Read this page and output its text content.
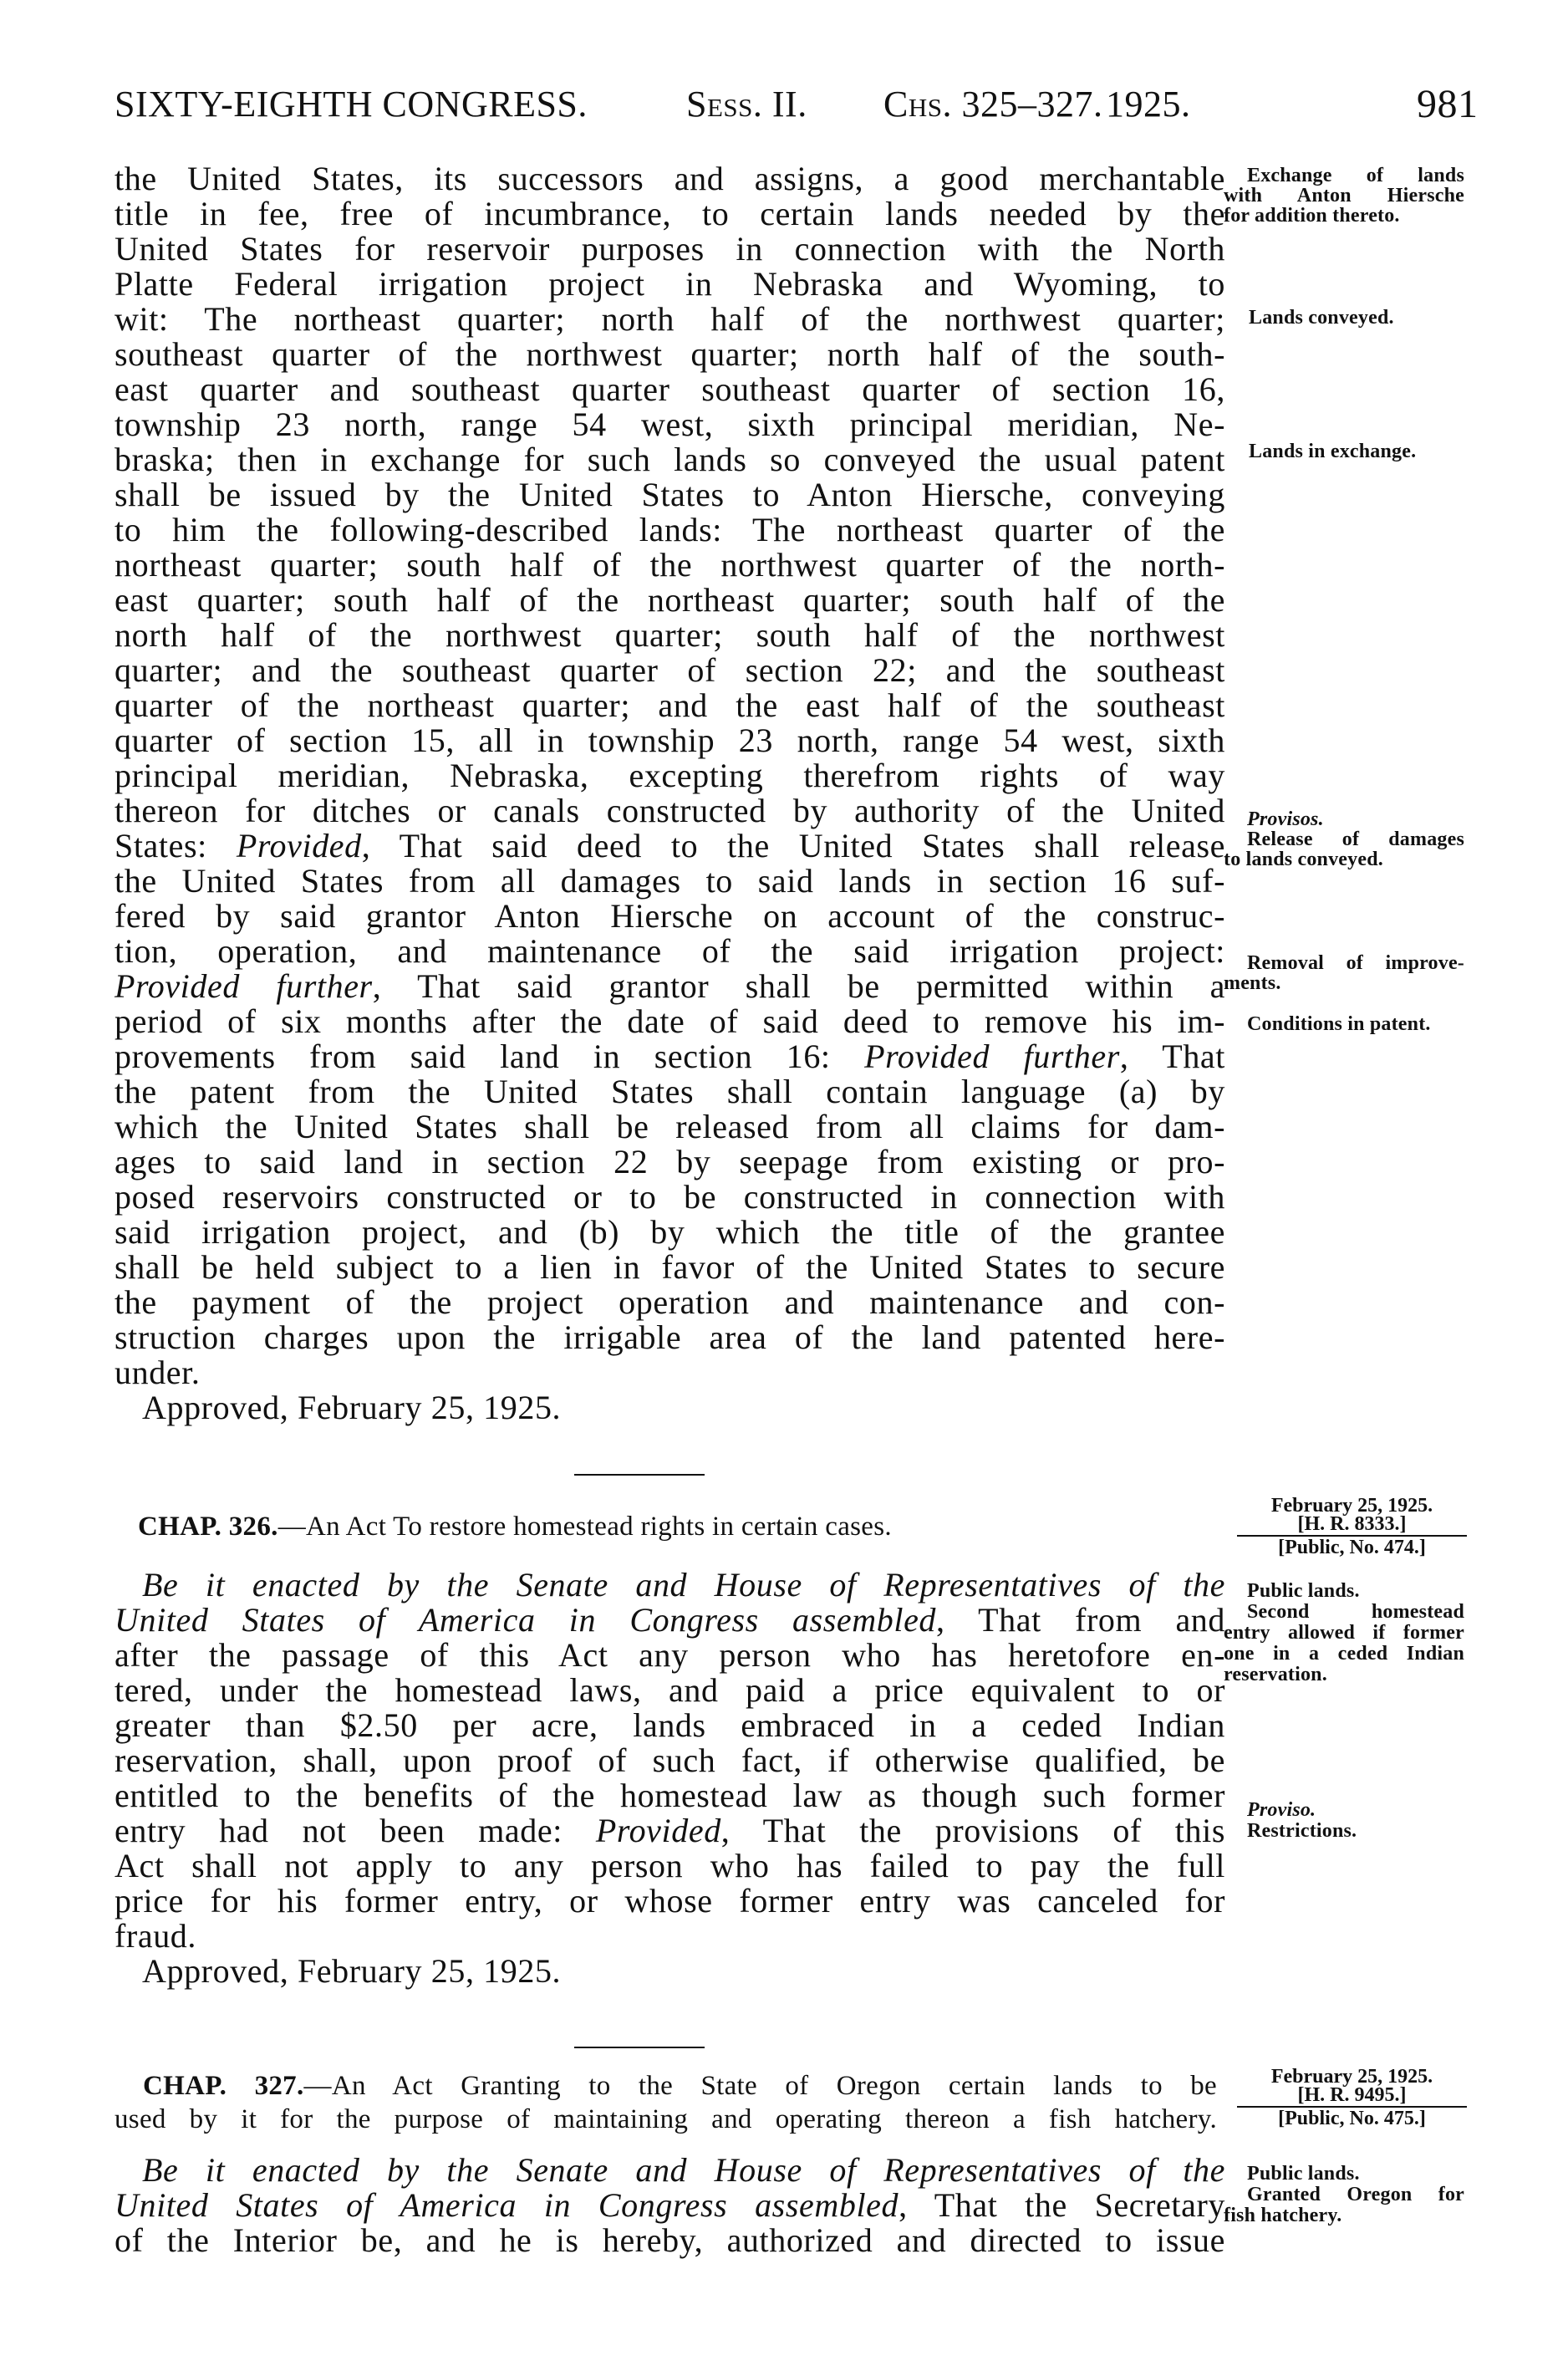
SIXTY-EIGHTH CONGRESS.	Sess. II. Chs. 325–327. 1925.	981
the United States, its successors and assigns, a good merchantable
title in fee, free of incumbrance, to certain lands needed by the
United States for reservoir purposes in connection with the North
Platte Federal irrigation project in Nebraska and Wyoming, to
wit: The northeast quarter; north half of the northwest quarter;
southeast quarter of the northwest quarter; north half of the south-
east quarter and southeast quarter southeast quarter of section 16,
township 23 north, range 54 west, sixth principal meridian, Ne-
braska; then in exchange for such lands so conveyed the usual patent
shall be issued by the United States to Anton Hiersche, conveying
to him the following-described lands: The northeast quarter of the
northeast quarter; south half of the northwest quarter of the north-
east quarter; south half of the northeast quarter; south half of the
north half of the northwest quarter; south half of the northwest
quarter; and the southeast quarter of section 22; and the southeast
quarter of the northeast quarter; and the east half of the southeast
quarter of section 15, all in township 23 north, range 54 west, sixth
principal meridian, Nebraska, excepting therefrom rights of way
thereon for ditches or canals constructed by authority of the United
States: Provided, That said deed to the United States shall release
the United States from all damages to said lands in section 16 suf-
fered by said grantor Anton Hiersche on account of the construc-
tion, operation, and maintenance of the said irrigation project:
Provided further, That said grantor shall be permitted within a
period of six months after the date of said deed to remove his im-
provements from said land in section 16: Provided further, That
the patent from the United States shall contain language (a) by
which the United States shall be released from all claims for dam-
ages to said land in section 22 by seepage from existing or pro-
posed reservoirs constructed or to be constructed in connection with
said irrigation project, and (b) by which the title of the grantee
shall be held subject to a lien in favor of the United States to secure
the payment of the project operation and maintenance and con-
struction charges upon the irrigable area of the land patented here-
under.
Exchange of lands
with Anton Hiersche
for addition thereto.
Lands conveyed.
Lands in exchange.
Provisos.
Release of damages
to lands conveyed.
Removal of improve-
ments.
Conditions in patent.
Approved, February 25, 1925.
CHAP. 326.—An Act To restore homestead rights in certain cases.
February 25, 1925.
[H. R. 8333.]
[Public, No. 474.]
Be it enacted by the Senate and House of Representatives of the
United States of America in Congress assembled, That from and
after the passage of this Act any person who has heretofore en-
tered, under the homestead laws, and paid a price equivalent to or
greater than $2.50 per acre, lands embraced in a ceded Indian
reservation, shall, upon proof of such fact, if otherwise qualified, be
entitled to the benefits of the homestead law as though such former
entry had not been made: Provided, That the provisions of this
Act shall not apply to any person who has failed to pay the full
price for his former entry, or whose former entry was canceled for
fraud.
Public lands.
Second homestead
entry allowed if former
one in a ceded Indian
reservation.
Proviso.
Restrictions.
Approved, February 25, 1925.
CHAP. 327.—An Act Granting to the State of Oregon certain lands to be
used by it for the purpose of maintaining and operating thereon a fish hatchery.
February 25, 1925.
[H. R. 9495.]
[Public, No. 475.]
Be it enacted by the Senate and House of Representatives of the
United States of America in Congress assembled, That the Secretary
of the Interior be, and he is hereby, authorized and directed to issue
Public lands.
Granted Oregon for
fish hatchery.
